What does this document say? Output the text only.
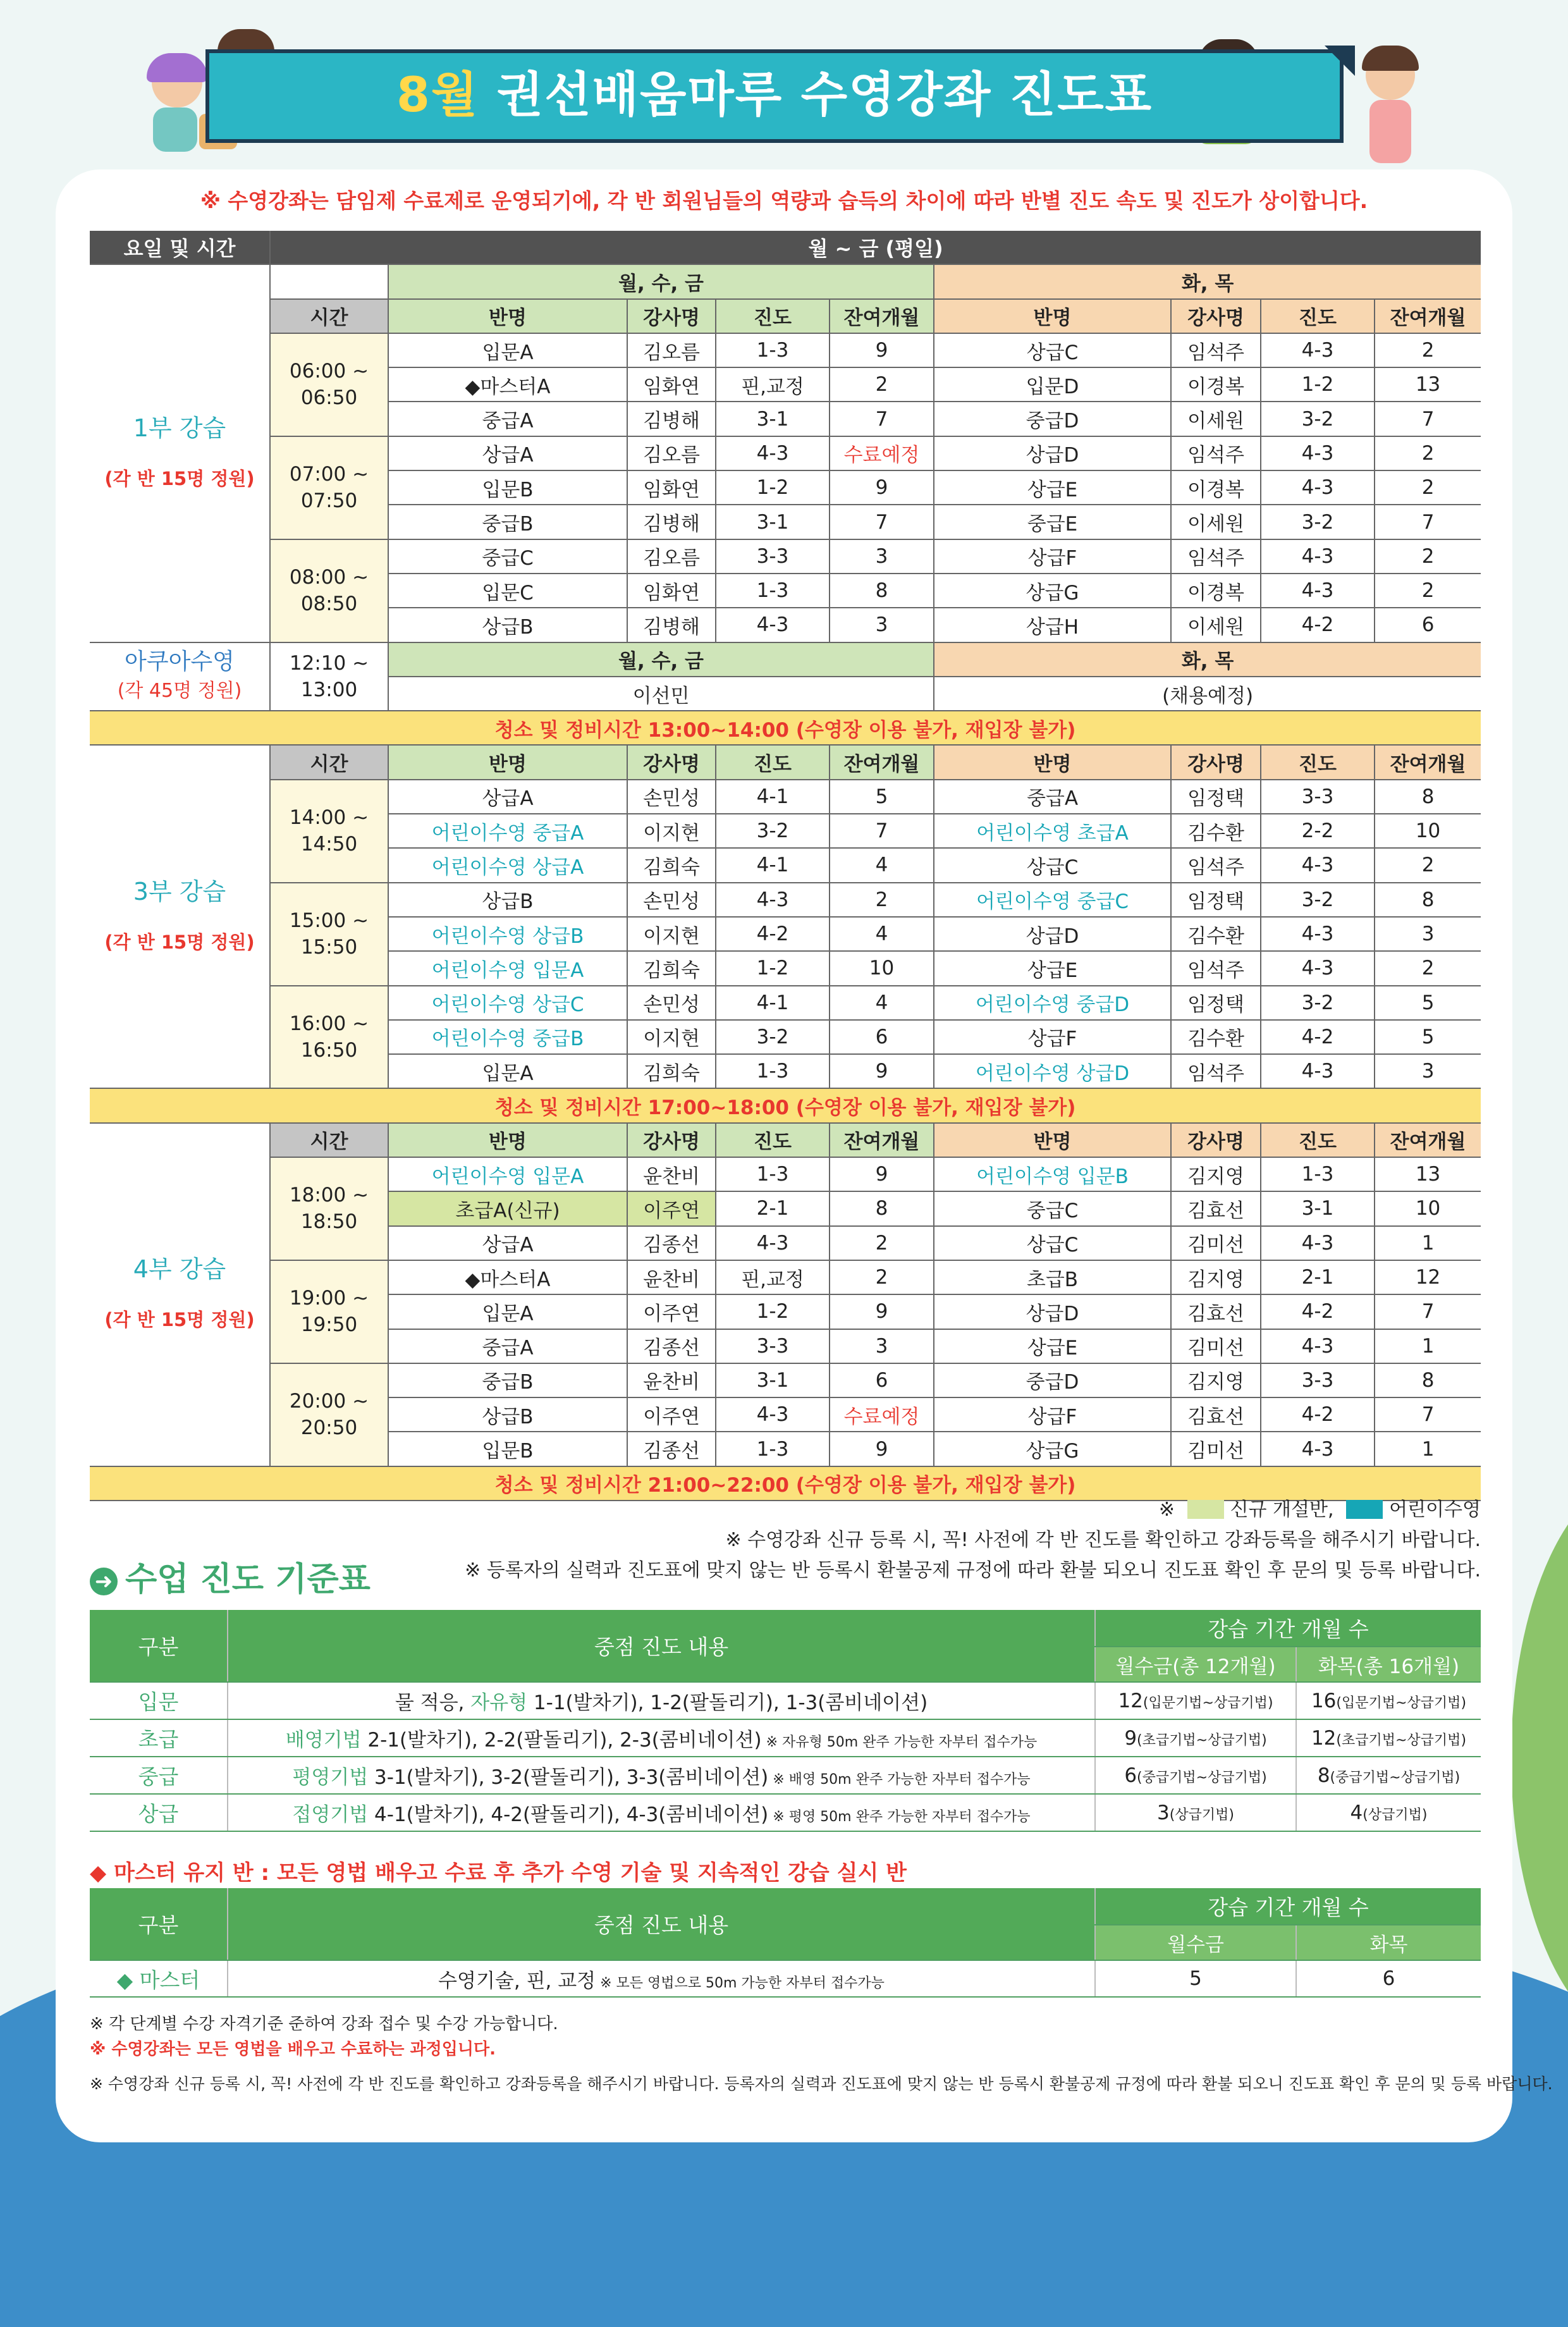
8월 권선배움마루 수영강좌 진도표
※ 수영강좌는 담임제 수료제로 운영되기에, 각 반 회원님들의 역량과 습득의 차이에 따라 반별 진도 속도 및 진도가 상이합니다.
요일 및 시간	월 ~ 금 (평일)								
1부 강습
(각 반 15명 정원)		월, 수, 금				화, 목			
	시간	반명	강사명	진도	잔여개월	반명	강사명	진도	잔여개월
	06:00 ~ 06:50	입문A	김오름	1-3	9	상급C	임석주	4-3	2
		◆마스터A	임화연	핀,교정	2	입문D	이경복	1-2	13
		중급A	김병해	3-1	7	중급D	이세원	3-2	7
	07:00 ~ 07:50	상급A	김오름	4-3	수료예정	상급D	임석주	4-3	2
		입문B	임화연	1-2	9	상급E	이경복	4-3	2
		중급B	김병해	3-1	7	중급E	이세원	3-2	7
	08:00 ~ 08:50	중급C	김오름	3-3	3	상급F	임석주	4-3	2
		입문C	임화연	1-3	8	상급G	이경복	4-3	2
		상급B	김병해	4-3	3	상급H	이세원	4-2	6
아쿠아수영
(각 45명 정원)	12:10 ~ 13:00	월, 수, 금				화, 목			
		이선민				(채용예정)			
청소 및 정비시간 13:00~14:00 (수영장 이용 불가, 재입장 불가)									
3부 강습
(각 반 15명 정원)	시간	반명	강사명	진도	잔여개월	반명	강사명	진도	잔여개월
	14:00 ~ 14:50	상급A	손민성	4-1	5	중급A	임정택	3-3	8
		어린이수영 중급A	이지현	3-2	7	어린이수영 초급A	김수환	2-2	10
		어린이수영 상급A	김희숙	4-1	4	상급C	임석주	4-3	2
	15:00 ~ 15:50	상급B	손민성	4-3	2	어린이수영 중급C	임정택	3-2	8
		어린이수영 상급B	이지현	4-2	4	상급D	김수환	4-3	3
		어린이수영 입문A	김희숙	1-2	10	상급E	임석주	4-3	2
	16:00 ~ 16:50	어린이수영 상급C	손민성	4-1	4	어린이수영 중급D	임정택	3-2	5
		어린이수영 중급B	이지현	3-2	6	상급F	김수환	4-2	5
		입문A	김희숙	1-3	9	어린이수영 상급D	임석주	4-3	3
청소 및 정비시간 17:00~18:00 (수영장 이용 불가, 재입장 불가)									
4부 강습
(각 반 15명 정원)	시간	반명	강사명	진도	잔여개월	반명	강사명	진도	잔여개월
	18:00 ~ 18:50	어린이수영 입문A	윤찬비	1-3	9	어린이수영 입문B	김지영	1-3	13
		초급A(신규)	이주연	2-1	8	중급C	김효선	3-1	10
		상급A	김종선	4-3	2	상급C	김미선	4-3	1
	19:00 ~ 19:50	◆마스터A	윤찬비	핀,교정	2	초급B	김지영	2-1	12
		입문A	이주연	1-2	9	상급D	김효선	4-2	7
		중급A	김종선	3-3	3	상급E	김미선	4-3	1
	20:00 ~ 20:50	중급B	윤찬비	3-1	6	중급D	김지영	3-3	8
		상급B	이주연	4-3	수료예정	상급F	김효선	4-2	7
		입문B	김종선	1-3	9	상급G	김미선	4-3	1
청소 및 정비시간 21:00~22:00 (수영장 이용 불가, 재입장 불가)									
※	신규 개설반,	어린이수영
※ 수영강좌 신규 등록 시, 꼭! 사전에 각 반 진도를 확인하고 강좌등록을 해주시기 바랍니다.
※ 등록자의 실력과 진도표에 맞지 않는 반 등록시 환불공제 규정에 따라 환불 되오니 진도표 확인 후 문의 및 등록 바랍니다.
➜ 수업 진도 기준표
구분	중점 진도 내용	강습 기간 개월 수	
		월수금(총 12개월)	화목(총 16개월)
입문	물 적응, 자유형 1-1(발차기), 1-2(팔돌리기), 1-3(콤비네이션)	12(입문기법~상급기법)	16(입문기법~상급기법)
초급	배영기법 2-1(발차기), 2-2(팔돌리기), 2-3(콤비네이션) ※ 자유형 50m 완주 가능한 자부터 접수가능	9(초급기법~상급기법)	12(초급기법~상급기법)
중급	평영기법 3-1(발차기), 3-2(팔돌리기), 3-3(콤비네이션) ※ 배영 50m 완주 가능한 자부터 접수가능	6(중급기법~상급기법)	8(중급기법~상급기법)
상급	접영기법 4-1(발차기), 4-2(팔돌리기), 4-3(콤비네이션) ※ 평영 50m 완주 가능한 자부터 접수가능	3(상급기법)	4(상급기법)
◆ 마스터 유지 반 : 모든 영법 배우고 수료 후 추가 수영 기술 및 지속적인 강습 실시 반
구분	중점 진도 내용	강습 기간 개월 수	
		월수금	화목
◆ 마스터	수영기술, 핀, 교정 ※ 모든 영법으로 50m 가능한 자부터 접수가능	5	6
※ 각 단계별 수강 자격기준 준하여 강좌 접수 및 수강 가능합니다.
※ 수영강좌는 모든 영법을 배우고 수료하는 과정입니다.
※ 수영강좌 신규 등록 시, 꼭! 사전에 각 반 진도를 확인하고 강좌등록을 해주시기 바랍니다. 등록자의 실력과 진도표에 맞지 않는 반 등록시 환불공제 규정에 따라 환불 되오니 진도표 확인 후 문의 및 등록 바랍니다.
